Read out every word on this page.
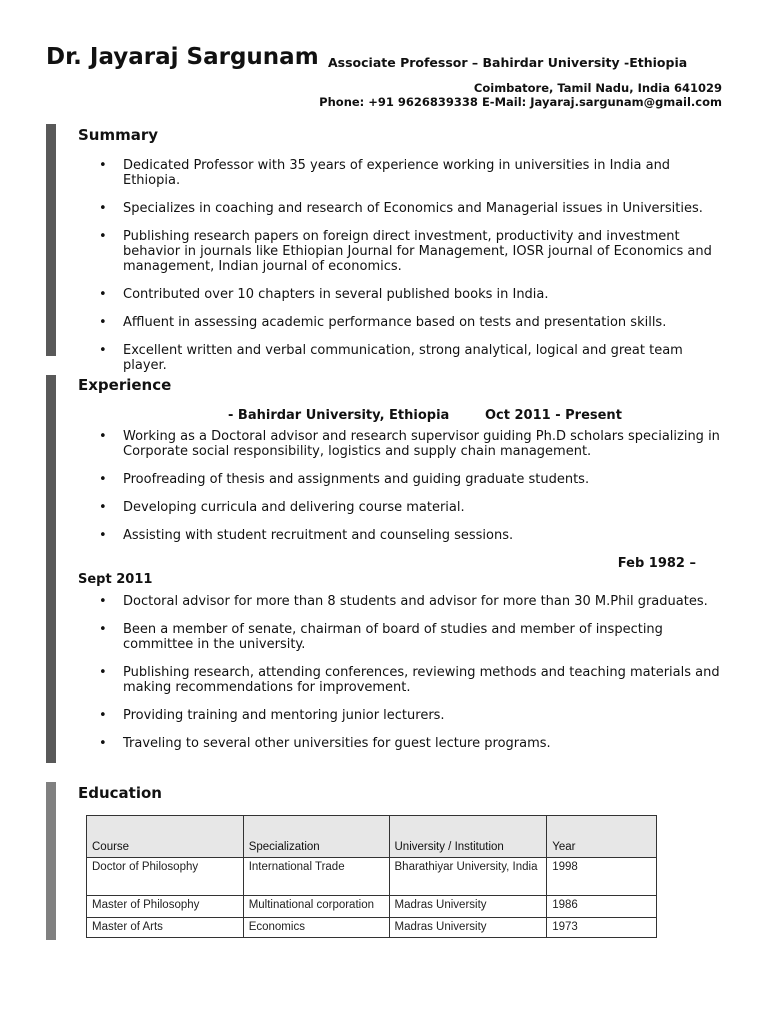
Dr. Jayaraj Sargunam Associate Professor – Bahirdar University -Ethiopia
Coimbatore, Tamil Nadu, India 641029
Phone: +91 9626839338 E-Mail: Jayaraj.sargunam@gmail.com
Summary
• Dedicated Professor with 35 years of experience working in universities in India and Ethiopia.
• Specializes in coaching and research of Economics and Managerial issues in Universities.
• Publishing research papers on foreign direct investment, productivity and investment behavior in journals like Ethiopian Journal for Management, IOSR journal of Economics and management, Indian journal of economics.
• Contributed over 10 chapters in several published books in India.
• Affluent in assessing academic performance based on tests and presentation skills.
• Excellent written and verbal communication, strong analytical, logical and great team player.
Experience
- Bahirdar University, Ethiopia	Oct 2011 - Present
• Working as a Doctoral advisor and research supervisor guiding Ph.D scholars specializing in Corporate social responsibility, logistics and supply chain management.
• Proofreading of thesis and assignments and guiding graduate students.
• Developing curricula and delivering course material.
• Assisting with student recruitment and counseling sessions.
Feb 1982 –
Sept 2011
• Doctoral advisor for more than 8 students and advisor for more than 30 M.Phil graduates.
• Been a member of senate, chairman of board of studies and member of inspecting committee in the university.
• Publishing research, attending conferences, reviewing methods and teaching materials and making recommendations for improvement.
• Providing training and mentoring junior lecturers.
• Traveling to several other universities for guest lecture programs.
Education
Course	Specialization	University / Institution	Year
Doctor of Philosophy	International Trade	Bharathiyar University, India	1998
Master of Philosophy	Multinational corporation	Madras University	1986
Master of Arts	Economics	Madras University	1973
